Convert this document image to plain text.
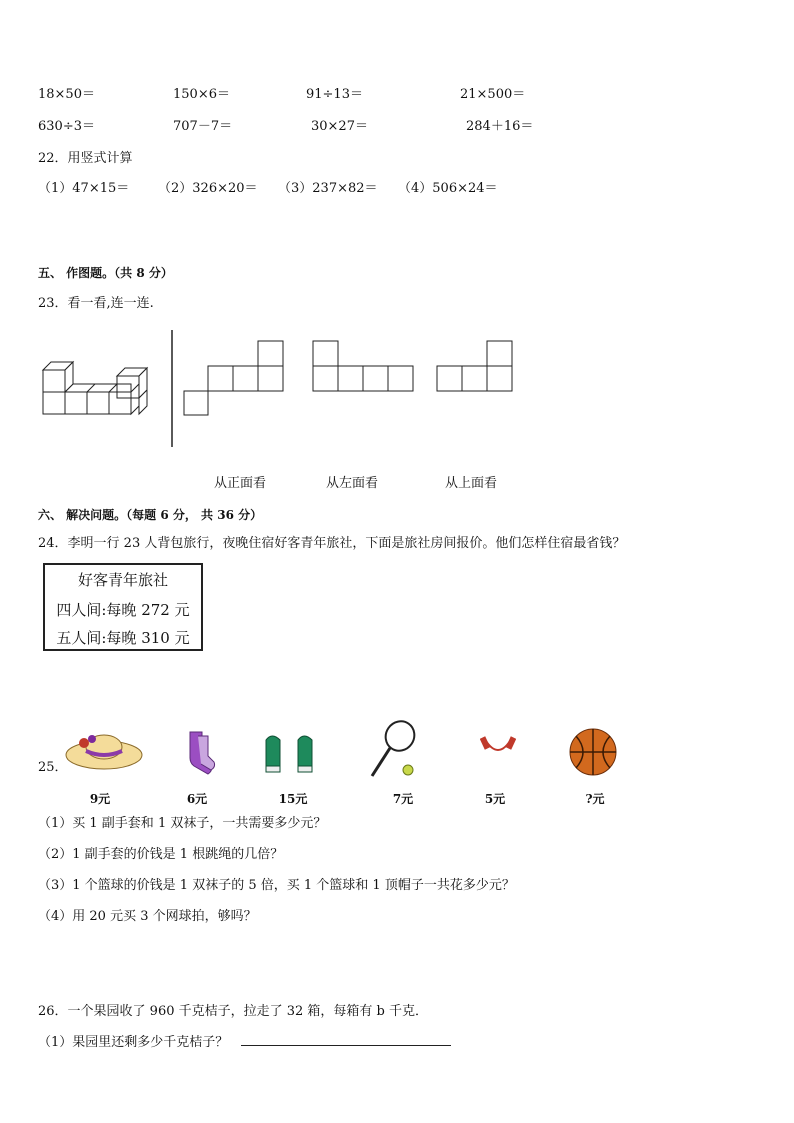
18×50＝	150×6＝	91÷13＝	21×500＝
630÷3＝	707－7＝	30×27＝	284＋16＝
22．用竖式计算
（1）47×15＝ （2）326×20＝ （3）237×82＝ （4）506×24＝
五、 作图题。（共 8 分）
23．看一看,连一连.
从正面看	从左面看	从上面看
六、 解决问题。（每题 6 分， 共 36 分）
24．李明一行 23 人背包旅行，夜晚住宿好客青年旅社，下面是旅社房间报价。他们怎样住宿最省钱？
好客青年旅社
四人间:每晚 272 元
五人间:每晚 310 元
25．
9元	6元	15元	7元	5元	?元
（1）买 1 副手套和 1 双袜子，一共需要多少元？
（2）1 副手套的价钱是 1 根跳绳的几倍？
（3）1 个篮球的价钱是 1 双袜子的 5 倍，买 1 个篮球和 1 顶帽子一共花多少元？
（4）用 20 元买 3 个网球拍，够吗？
26．一个果园收了 960 千克桔子，拉走了 32 箱，每箱有 b 千克．
（1）果园里还剩多少千克桔子？
